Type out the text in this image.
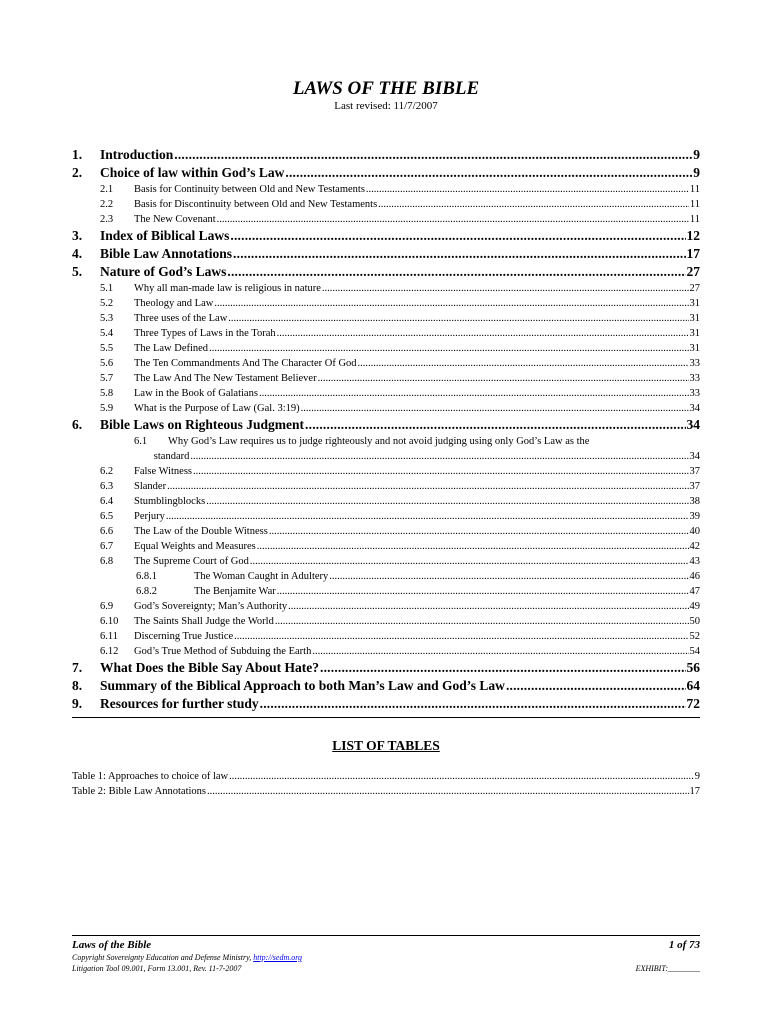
LAWS OF THE BIBLE
Last revised: 11/7/2007
1.	Introduction .....	9
2.	Choice of law within God’s Law .....	9
2.1	Basis for Continuity between Old and New Testaments .....	11
2.2	Basis for Discontinuity between Old and New Testaments .....	11
2.3	The New Covenant .....	11
3.	Index of Biblical Laws .....	12
4.	Bible Law Annotations .....	17
5.	Nature of God’s Laws .....	27
5.1	Why all man-made law is religious in nature .....	27
5.2	Theology and Law .....	31
5.3	Three uses of the Law .....	31
5.4	Three Types of Laws in the Torah .....	31
5.5	The Law Defined .....	31
5.6	The Ten Commandments And The Character Of God .....	33
5.7	The Law And The New Testament Believer .....	33
5.8	Law in the Book of Galatians .....	33
5.9	What is the Purpose of Law (Gal. 3:19) .....	34
6.	Bible Laws on Righteous Judgment .....	34
6.1 Why God’s Law requires us to judge righteously and not avoid judging using only God’s Law as the
standard .....	34
6.2	False Witness .....	37
6.3	Slander .....	37
6.4	Stumblingblocks .....	38
6.5	Perjury .....	39
6.6	The Law of the Double Witness .....	40
6.7	Equal Weights and Measures .....	42
6.8	The Supreme Court of God .....	43
6.8.1	The Woman Caught in Adultery .....	46
6.8.2	The Benjamite War .....	47
6.9	God’s Sovereignty; Man’s Authority .....	49
6.10	The Saints Shall Judge the World .....	50
6.11	Discerning True Justice .....	52
6.12	God’s True Method of Subduing the Earth .....	54
7.	What Does the Bible Say About Hate? .....	56
8.	Summary of the Biblical Approach to both Man’s Law and God’s Law .....	64
9.	Resources for further study .....	72
LIST OF TABLES
Table 1: Approaches to choice of law .....	9
Table 2: Bible Law Annotations .....	17
Laws of the Bible	1 of 73
Copyright Sovereignty Education and Defense Ministry, http://sedm.org
Litigation Tool 09.001, Form 13.001, Rev. 11-7-2007	EXHIBIT:________
